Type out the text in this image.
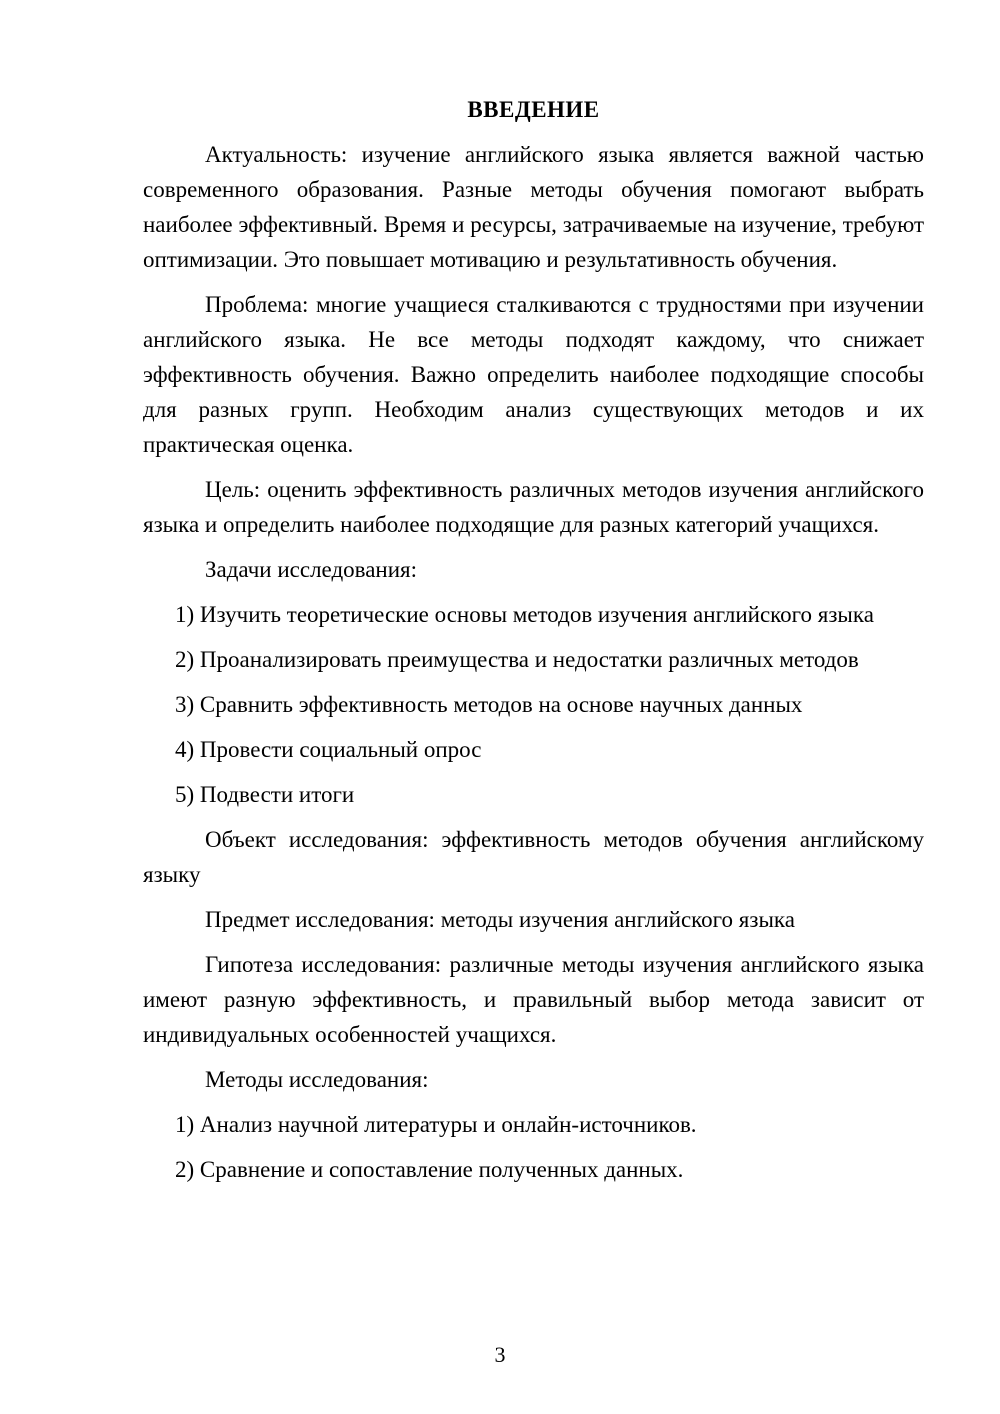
ВВЕДЕНИЕ

Актуальность: изучение английского языка является важной частью современного образования. Разные методы обучения помогают выбрать наиболее эффективный. Время и ресурсы, затрачиваемые на изучение, требуют оптимизации. Это повышает мотивацию и результативность обучения.

Проблема: многие учащиеся сталкиваются с трудностями при изучении английского языка. Не все методы подходят каждому, что снижает эффективность обучения. Важно определить наиболее подходящие способы для разных групп. Необходим анализ существующих методов и их практическая оценка.

Цель: оценить эффективность различных методов изучения английского языка и определить наиболее подходящие для разных категорий учащихся.

Задачи исследования:

1) Изучить теоретические основы методов изучения английского языка

2) Проанализировать преимущества и недостатки различных методов

3) Сравнить эффективность методов на основе научных данных

4) Провести социальный опрос

5) Подвести итоги

Объект исследования: эффективность методов обучения английскому языку

Предмет исследования: методы изучения английского языка

Гипотеза исследования: различные методы изучения английского языка имеют разную эффективность, и правильный выбор метода зависит от индивидуальных особенностей учащихся.

Методы исследования:

1) Анализ научной литературы и онлайн-источников.

2) Сравнение и сопоставление полученных данных.

3
